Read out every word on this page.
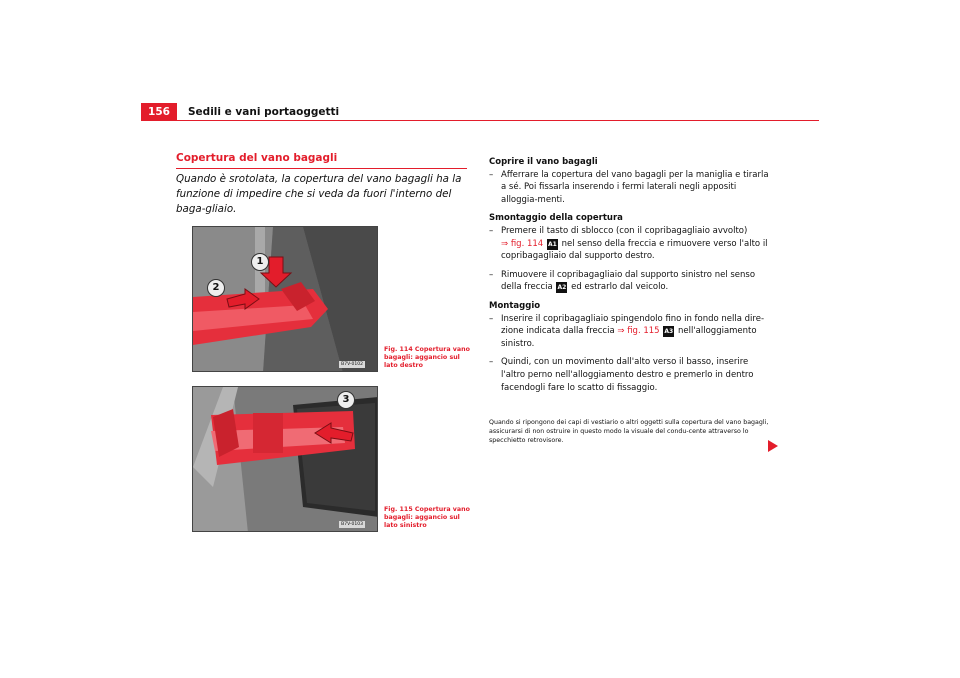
156	Sedili e vani portaoggetti
Copertura del vano bagagli
Quando è srotolata, la copertura del vano bagagli ha la funzione di impedire che si veda da fuori l'interno del baga-gliaio.
1
2
B7V-0102
Fig. 114 Copertura vano bagagli: aggancio sul lato destro
3
B7V-0103
Fig. 115 Copertura vano bagagli: aggancio sul lato sinistro
Coprire il vano bagagli
– Afferrare la copertura del vano bagagli per la maniglia e tirarla a sé. Poi fissarla inserendo i fermi laterali negli appositi alloggia-menti.
Smontaggio della copertura
– Premere il tasto di sblocco (con il copribagagliaio avvolto)
⇒ fig. 114 A1 nel senso della freccia e rimuovere verso l'alto il copribagagliaio dal supporto destro.
– Rimuovere il copribagagliaio dal supporto sinistro nel senso della freccia A2 ed estrarlo dal veicolo.
Montaggio
– Inserire il copribagagliaio spingendolo fino in fondo nella dire-zione indicata dalla freccia ⇒ fig. 115 A3 nell'alloggiamento sinistro.
– Quindi, con un movimento dall'alto verso il basso, inserire l'altro perno nell'alloggiamento destro e premerlo in dentro facendogli fare lo scatto di fissaggio.
Quando si ripongono dei capi di vestiario o altri oggetti sulla copertura del vano bagagli, assicurarsi di non ostruire in questo modo la visuale del condu-cente attraverso lo specchietto retrovisore.
